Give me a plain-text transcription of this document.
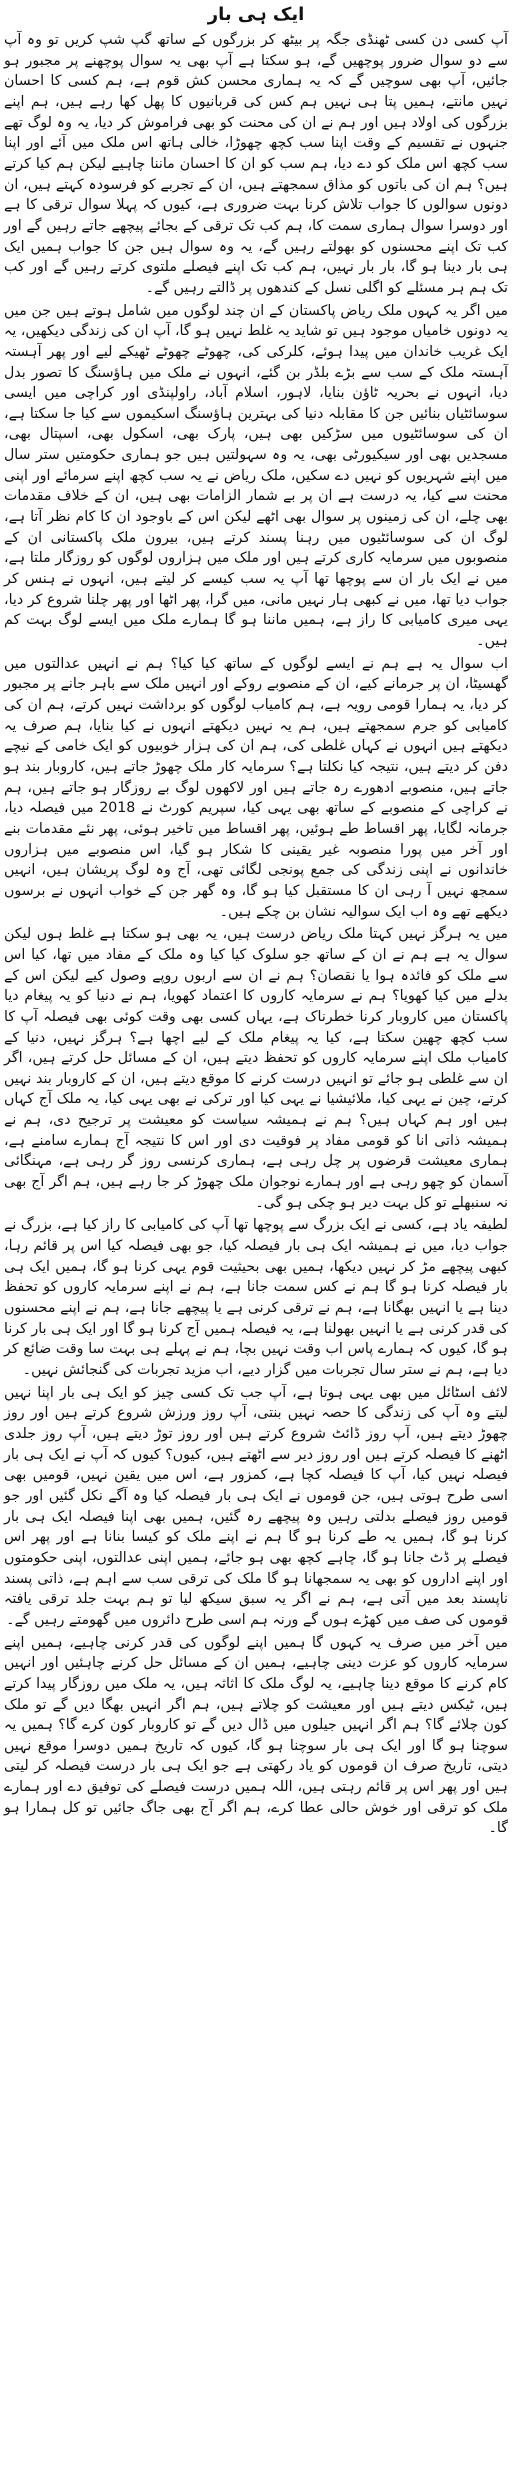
ایک ہی بار

آپ کسی دن کسی ٹھنڈی جگہ پر بیٹھ کر بزرگوں کے ساتھ گپ شپ کریں تو وہ آپ سے دو سوال ضرور پوچھیں گے، ہو سکتا ہے آپ بھی یہ سوال پوچھنے پر مجبور ہو جائیں، آپ بھی سوچیں گے کہ یہ ہماری محسن کش قوم ہے، ہم کسی کا احسان نہیں مانتے، ہمیں پتا ہی نہیں ہم کس کی قربانیوں کا پھل کھا رہے ہیں، ہم اپنے بزرگوں کی اولاد ہیں اور ہم نے ان کی محنت کو بھی فراموش کر دیا، یہ وہ لوگ تھے جنہوں نے تقسیم کے وقت اپنا سب کچھ چھوڑا، خالی ہاتھ اس ملک میں آئے اور اپنا سب کچھ اس ملک کو دے دیا، ہم سب کو ان کا احسان ماننا چاہیے لیکن ہم کیا کرتے ہیں؟ ہم ان کی باتوں کو مذاق سمجھتے ہیں، ان کے تجربے کو فرسودہ کہتے ہیں، ان دونوں سوالوں کا جواب تلاش کرنا بہت ضروری ہے، کیوں کہ پہلا سوال ترقی کا ہے اور دوسرا سوال ہماری سمت کا، ہم کب تک ترقی کے بجائے پیچھے جاتے رہیں گے اور کب تک اپنے محسنوں کو بھولتے رہیں گے، یہ وہ سوال ہیں جن کا جواب ہمیں ایک ہی بار دینا ہو گا، بار بار نہیں، ہم کب تک اپنے فیصلے ملتوی کرتے رہیں گے اور کب تک ہم ہر مسئلے کو اگلی نسل کے کندھوں پر ڈالتے رہیں گے۔

میں اگر یہ کہوں ملک ریاض پاکستان کے ان چند لوگوں میں شامل ہوتے ہیں جن میں یہ دونوں خامیاں موجود ہیں تو شاید یہ غلط نہیں ہو گا، آپ ان کی زندگی دیکھیں، یہ ایک غریب خاندان میں پیدا ہوئے، کلرکی کی، چھوٹے چھوٹے ٹھیکے لیے اور پھر آہستہ آہستہ ملک کے سب سے بڑے بلڈر بن گئے، انہوں نے ملک میں ہاؤسنگ کا تصور بدل دیا، انہوں نے بحریہ ٹاؤن بنایا، لاہور، اسلام آباد، راولپنڈی اور کراچی میں ایسی سوسائٹیاں بنائیں جن کا مقابلہ دنیا کی بہترین ہاؤسنگ اسکیموں سے کیا جا سکتا ہے، ان کی سوسائٹیوں میں سڑکیں بھی ہیں، پارک بھی، اسکول بھی، اسپتال بھی، مسجدیں بھی اور سیکیورٹی بھی، یہ وہ سہولتیں ہیں جو ہماری حکومتیں ستر سال میں اپنے شہریوں کو نہیں دے سکیں، ملک ریاض نے یہ سب کچھ اپنے سرمائے اور اپنی محنت سے کیا، یہ درست ہے ان پر بے شمار الزامات بھی ہیں، ان کے خلاف مقدمات بھی چلے، ان کی زمینوں پر سوال بھی اٹھے لیکن اس کے باوجود ان کا کام نظر آتا ہے، لوگ ان کی سوسائٹیوں میں رہنا پسند کرتے ہیں، بیرون ملک پاکستانی ان کے منصوبوں میں سرمایہ کاری کرتے ہیں اور ملک میں ہزاروں لوگوں کو روزگار ملتا ہے، میں نے ایک بار ان سے پوچھا تھا آپ یہ سب کیسے کر لیتے ہیں، انہوں نے ہنس کر جواب دیا تھا، میں نے کبھی ہار نہیں مانی، میں گرا، پھر اٹھا اور پھر چلنا شروع کر دیا، یہی میری کامیابی کا راز ہے، ہمیں ماننا ہو گا ہمارے ملک میں ایسے لوگ بہت کم ہیں۔

اب سوال یہ ہے ہم نے ایسے لوگوں کے ساتھ کیا کیا؟ ہم نے انہیں عدالتوں میں گھسیٹا، ان پر جرمانے کیے، ان کے منصوبے روکے اور انہیں ملک سے باہر جانے پر مجبور کر دیا، یہ ہمارا قومی رویہ ہے، ہم کامیاب لوگوں کو برداشت نہیں کرتے، ہم ان کی کامیابی کو جرم سمجھتے ہیں، ہم یہ نہیں دیکھتے انہوں نے کیا بنایا، ہم صرف یہ دیکھتے ہیں انہوں نے کہاں غلطی کی، ہم ان کی ہزار خوبیوں کو ایک خامی کے نیچے دفن کر دیتے ہیں، نتیجہ کیا نکلتا ہے؟ سرمایہ کار ملک چھوڑ جاتے ہیں، کاروبار بند ہو جاتے ہیں، منصوبے ادھورے رہ جاتے ہیں اور لاکھوں لوگ بے روزگار ہو جاتے ہیں، ہم نے کراچی کے منصوبے کے ساتھ بھی یہی کیا، سپریم کورٹ نے 2018 میں فیصلہ دیا، جرمانہ لگایا، پھر اقساط طے ہوئیں، پھر اقساط میں تاخیر ہوئی، پھر نئے مقدمات بنے اور آخر میں پورا منصوبہ غیر یقینی کا شکار ہو گیا، اس منصوبے میں ہزاروں خاندانوں نے اپنی زندگی کی جمع پونجی لگائی تھی، آج وہ لوگ پریشان ہیں، انہیں سمجھ نہیں آ رہی ان کا مستقبل کیا ہو گا، وہ گھر جن کے خواب انہوں نے برسوں دیکھے تھے وہ اب ایک سوالیہ نشان بن چکے ہیں۔

میں یہ ہرگز نہیں کہتا ملک ریاض درست ہیں، یہ بھی ہو سکتا ہے غلط ہوں لیکن سوال یہ ہے ہم نے ان کے ساتھ جو سلوک کیا کیا وہ ملک کے مفاد میں تھا، کیا اس سے ملک کو فائدہ ہوا یا نقصان؟ ہم نے ان سے اربوں روپے وصول کیے لیکن اس کے بدلے میں کیا کھویا؟ ہم نے سرمایہ کاروں کا اعتماد کھویا، ہم نے دنیا کو یہ پیغام دیا پاکستان میں کاروبار کرنا خطرناک ہے، یہاں کسی بھی وقت کوئی بھی فیصلہ آپ کا سب کچھ چھین سکتا ہے، کیا یہ پیغام ملک کے لیے اچھا ہے؟ ہرگز نہیں، دنیا کے کامیاب ملک اپنے سرمایہ کاروں کو تحفظ دیتے ہیں، ان کے مسائل حل کرتے ہیں، اگر ان سے غلطی ہو جائے تو انہیں درست کرنے کا موقع دیتے ہیں، ان کے کاروبار بند نہیں کرتے، چین نے یہی کیا، ملائیشیا نے یہی کیا اور ترکی نے بھی یہی کیا، یہ ملک آج کہاں ہیں اور ہم کہاں ہیں؟ ہم نے ہمیشہ سیاست کو معیشت پر ترجیح دی، ہم نے ہمیشہ ذاتی انا کو قومی مفاد پر فوقیت دی اور اس کا نتیجہ آج ہمارے سامنے ہے، ہماری معیشت قرضوں پر چل رہی ہے، ہماری کرنسی روز گر رہی ہے، مہنگائی آسمان کو چھو رہی ہے اور ہمارے نوجوان ملک چھوڑ کر جا رہے ہیں، ہم اگر آج بھی نہ سنبھلے تو کل بہت دیر ہو چکی ہو گی۔

لطیفہ یاد ہے، کسی نے ایک بزرگ سے پوچھا تھا آپ کی کامیابی کا راز کیا ہے، بزرگ نے جواب دیا، میں نے ہمیشہ ایک ہی بار فیصلہ کیا، جو بھی فیصلہ کیا اس پر قائم رہا، کبھی پیچھے مڑ کر نہیں دیکھا، ہمیں بھی بحیثیت قوم یہی کرنا ہو گا، ہمیں ایک ہی بار فیصلہ کرنا ہو گا ہم نے کس سمت جانا ہے، ہم نے اپنے سرمایہ کاروں کو تحفظ دینا ہے یا انہیں بھگانا ہے، ہم نے ترقی کرنی ہے یا پیچھے جانا ہے، ہم نے اپنے محسنوں کی قدر کرنی ہے یا انہیں بھولنا ہے، یہ فیصلہ ہمیں آج کرنا ہو گا اور ایک ہی بار کرنا ہو گا، کیوں کہ ہمارے پاس اب وقت نہیں بچا، ہم نے پہلے ہی بہت سا وقت ضائع کر دیا ہے، ہم نے ستر سال تجربات میں گزار دیے، اب مزید تجربات کی گنجائش نہیں۔

لائف اسٹائل میں بھی یہی ہوتا ہے، آپ جب تک کسی چیز کو ایک ہی بار اپنا نہیں لیتے وہ آپ کی زندگی کا حصہ نہیں بنتی، آپ روز ورزش شروع کرتے ہیں اور روز چھوڑ دیتے ہیں، آپ روز ڈائٹ شروع کرتے ہیں اور روز توڑ دیتے ہیں، آپ روز جلدی اٹھنے کا فیصلہ کرتے ہیں اور روز دیر سے اٹھتے ہیں، کیوں؟ کیوں کہ آپ نے ایک ہی بار فیصلہ نہیں کیا، آپ کا فیصلہ کچا ہے، کمزور ہے، اس میں یقین نہیں، قومیں بھی اسی طرح ہوتی ہیں، جن قوموں نے ایک ہی بار فیصلہ کیا وہ آگے نکل گئیں اور جو قومیں روز فیصلے بدلتی رہیں وہ پیچھے رہ گئیں، ہمیں بھی اپنا فیصلہ ایک ہی بار کرنا ہو گا، ہمیں یہ طے کرنا ہو گا ہم نے اپنے ملک کو کیسا بنانا ہے اور پھر اس فیصلے پر ڈٹ جانا ہو گا، چاہے کچھ بھی ہو جائے، ہمیں اپنی عدالتوں، اپنی حکومتوں اور اپنے اداروں کو بھی یہ سمجھانا ہو گا ملک کی ترقی سب سے اہم ہے، ذاتی پسند ناپسند بعد میں آتی ہے، ہم نے اگر یہ سبق سیکھ لیا تو ہم بہت جلد ترقی یافتہ قوموں کی صف میں کھڑے ہوں گے ورنہ ہم اسی طرح دائروں میں گھومتے رہیں گے۔

میں آخر میں صرف یہ کہوں گا ہمیں اپنے لوگوں کی قدر کرنی چاہیے، ہمیں اپنے سرمایہ کاروں کو عزت دینی چاہیے، ہمیں ان کے مسائل حل کرنے چاہئیں اور انہیں کام کرنے کا موقع دینا چاہیے، یہ لوگ ملک کا اثاثہ ہیں، یہ ملک میں روزگار پیدا کرتے ہیں، ٹیکس دیتے ہیں اور معیشت کو چلاتے ہیں، ہم اگر انہیں بھگا دیں گے تو ملک کون چلائے گا؟ ہم اگر انہیں جیلوں میں ڈال دیں گے تو کاروبار کون کرے گا؟ ہمیں یہ سوچنا ہو گا اور ایک ہی بار سوچنا ہو گا، کیوں کہ تاریخ ہمیں دوسرا موقع نہیں دیتی، تاریخ صرف ان قوموں کو یاد رکھتی ہے جو ایک ہی بار درست فیصلہ کر لیتی ہیں اور پھر اس پر قائم رہتی ہیں، اللہ ہمیں درست فیصلے کی توفیق دے اور ہمارے ملک کو ترقی اور خوش حالی عطا کرے، ہم اگر آج بھی جاگ جائیں تو کل ہمارا ہو گا۔
